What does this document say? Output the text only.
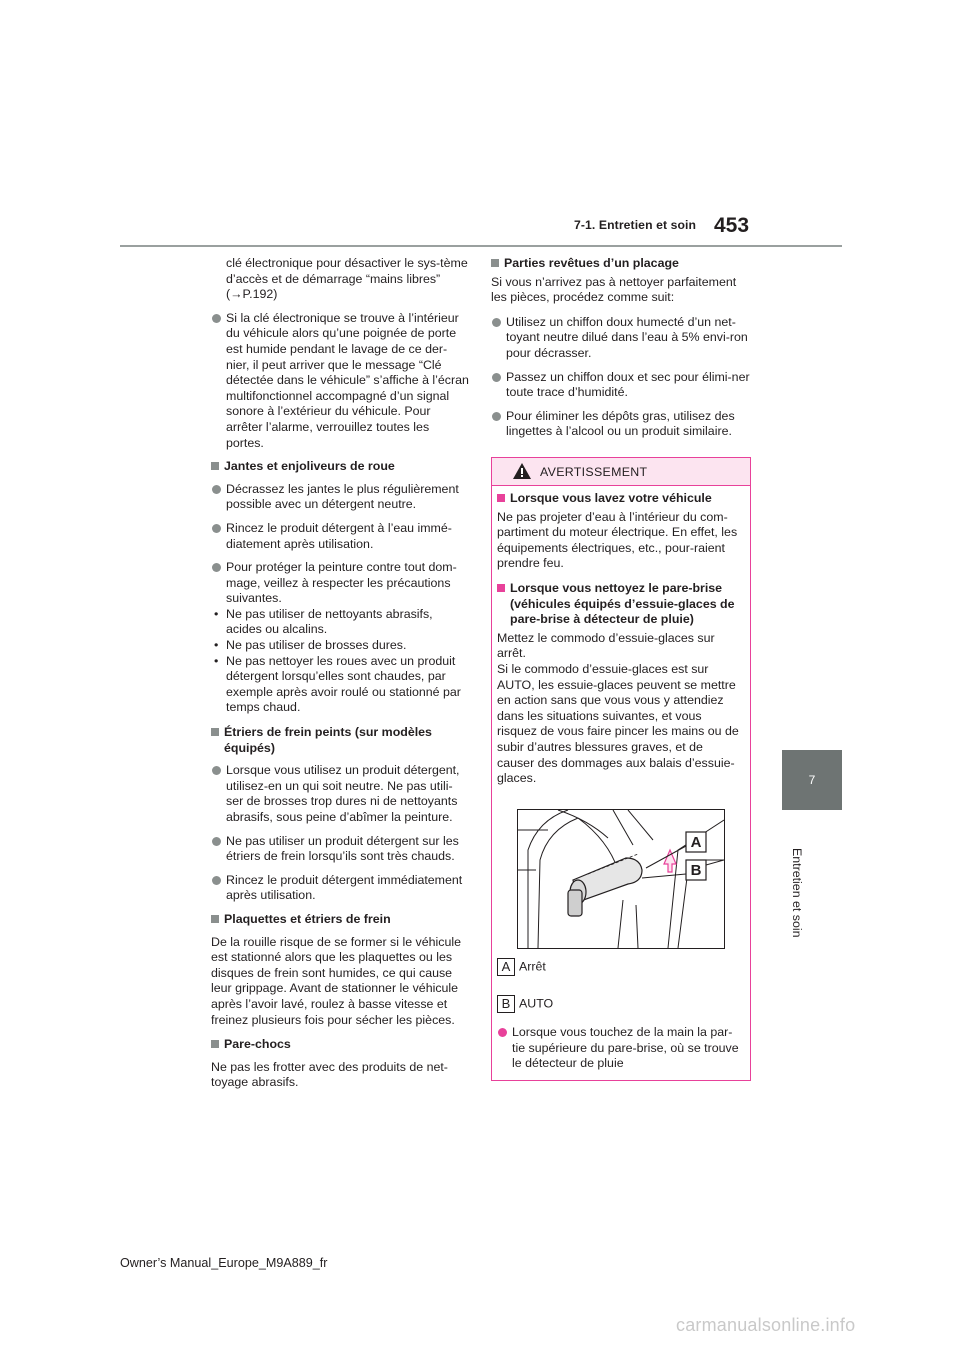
7-1. Entretien et soin 453
7
Entretien et soin

clé électronique pour désactiver le sys-tème d’accès et de démarrage “mains libres” (→P.192)

Si la clé électronique se trouve à l’intérieur du véhicule alors qu’une poignée de porte est humide pendant le lavage de ce der-nier, il peut arriver que le message “Clé détectée dans le véhicule” s’affiche à l’écran multifonctionnel accompagné d’un signal sonore à l’extérieur du véhicule. Pour arrêter l’alarme, verrouillez toutes les portes.
Jantes et enjoliveurs de roue
Décrassez les jantes le plus régulièrement possible avec un détergent neutre.
Rincez le produit détergent à l’eau immé-diatement après utilisation.
Pour protéger la peinture contre tout dom-mage, veillez à respecter les précautions suivantes.
• Ne pas utiliser de nettoyants abrasifs, acides ou alcalins.
• Ne pas utiliser de brosses dures.
• Ne pas nettoyer les roues avec un produit détergent lorsqu’elles sont chaudes, par exemple après avoir roulé ou stationné par temps chaud.
Étriers de frein peints (sur modèles équipés)
Lorsque vous utilisez un produit détergent, utilisez-en un qui soit neutre. Ne pas utili-ser de brosses trop dures ni de nettoyants abrasifs, sous peine d’abîmer la peinture.
Ne pas utiliser un produit détergent sur les étriers de frein lorsqu’ils sont très chauds.
Rincez le produit détergent immédiatement après utilisation.
Plaquettes et étriers de frein

De la rouille risque de se former si le véhicule est stationné alors que les plaquettes ou les disques de frein sont humides, ce qui cause leur grippage. Avant de stationner le véhicule après l’avoir lavé, roulez à basse vitesse et freinez plusieurs fois pour sécher les pièces.

Pare-chocs

Ne pas les frotter avec des produits de net-toyage abrasifs.

Parties revêtues d’un placage

Si vous n’arrivez pas à nettoyer parfaitement les pièces, procédez comme suit:

Utilisez un chiffon doux humecté d’un net-toyant neutre dilué dans l’eau à 5% envi-ron pour décrasser.
Passez un chiffon doux et sec pour élimi-ner toute trace d’humidité.
Pour éliminer les dépôts gras, utilisez des lingettes à l’alcool ou un produit similaire.
AVERTISSEMENT
Lorsque vous lavez votre véhicule

Ne pas projeter d’eau à l’intérieur du com-partiment du moteur électrique. En effet, les équipements électriques, etc., pour-raient prendre feu.

Lorsque vous nettoyez le pare-brise (véhicules équipés d’essuie-glaces de pare-brise à détecteur de pluie)

Mettez le commodo d’essuie-glaces sur arrêt.
Si le commodo d’essuie-glaces est sur AUTO, les essuie-glaces peuvent se mettre en action sans que vous vous y attendiez dans les situations suivantes, et vous risquez de vous faire pincer les mains ou de subir d’autres blessures graves, et de causer des dommages aux balais d’essuie-glaces.

A
B
A Arrêt
B AUTO
Lorsque vous touchez de la main la par-tie supérieure du pare-brise, où se trouve le détecteur de pluie
Owner’s Manual_Europe_M9A889_fr
carmanualsonline.info
